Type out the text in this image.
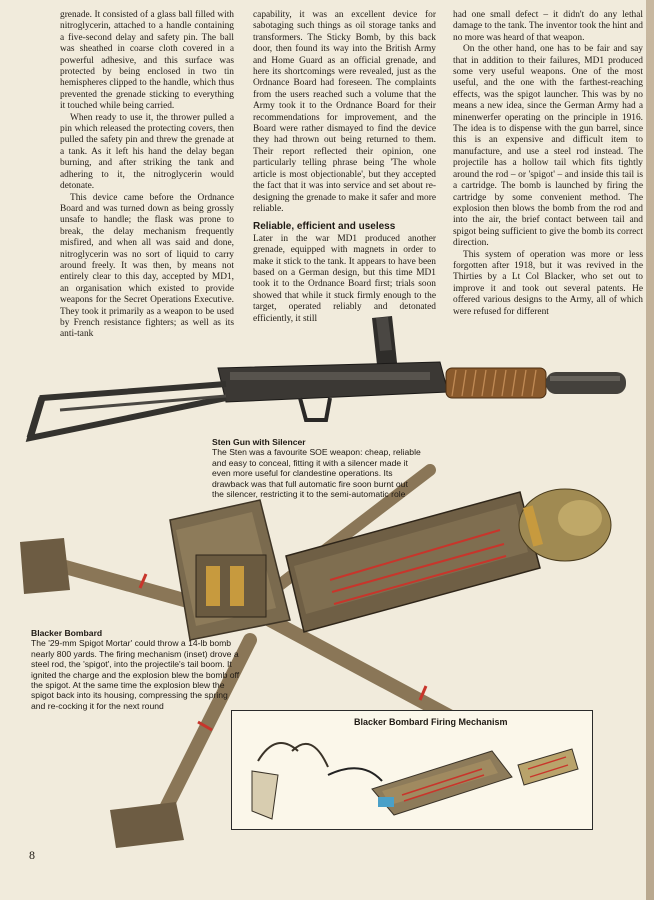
grenade. It consisted of a glass ball filled with nitroglycerin, attached to a handle containing a five-second delay and safety pin. The ball was sheathed in coarse cloth covered in a powerful adhesive, and this surface was protected by being enclosed in two tin hemispheres clipped to the handle, which thus prevented the grenade sticking to everything it touched while being carried.

When ready to use it, the thrower pulled a pin which released the protecting covers, then pulled the safety pin and threw the grenade at a tank. As it left his hand the delay began burning, and after striking the tank and adhering to it, the nitroglycerin would detonate.

This device came before the Ordnance Board and was turned down as being grossly unsafe to handle; the flask was prone to break, the delay mechanism frequently misfired, and when all was said and done, nitroglycerin was no sort of liquid to carry around freely. It was then, by means not entirely clear to this day, accepted by MD1, an organisation which existed to provide weapons for the Secret Operations Executive. They took it primarily as a weapon to be used by French resistance fighters; as well as its anti-tank

capability, it was an excellent device for sabotaging such things as oil storage tanks and transformers. The Sticky Bomb, by this back door, then found its way into the British Army and Home Guard as an official grenade, and here its shortcomings were revealed, just as the Ordnance Board had foreseen. The complaints from the users reached such a volume that the Army took it to the Ordnance Board for their recommendations for improvement, and the Board were rather dismayed to find the device they had thrown out being returned to them. Their report reflected their opinion, one particularly telling phrase being 'The whole article is most objectionable', but they accepted the fact that it was into service and set about re-designing the grenade to make it safer and more reliable.

Reliable, efficient and useless

Later in the war MD1 produced another grenade, equipped with magnets in order to make it stick to the tank. It appears to have been based on a German design, but this time MD1 took it to the Ordnance Board first; trials soon showed that while it stuck firmly enough to the target, operated reliably and detonated efficiently, it still

had one small defect – it didn't do any lethal damage to the tank. The inventor took the hint and no more was heard of that weapon.

On the other hand, one has to be fair and say that in addition to their failures, MD1 produced some very useful weapons. One of the most useful, and the one with the farthest-reaching effects, was the spigot launcher. This was by no means a new idea, since the German Army had a minenwerfer operating on the principle in 1916. The idea is to dispense with the gun barrel, since this is an expensive and difficult item to manufacture, and use a steel rod instead. The projectile has a hollow tail which fits tightly around the rod – or 'spigot' – and inside this tail is a cartridge. The bomb is launched by firing the cartridge by some convenient method. The explosion then blows the bomb from the rod and into the air, the brief contact between tail and spigot being sufficient to give the bomb its correct direction.

This system of operation was more or less forgotten after 1918, but it was revived in the Thirties by a Lt Col Blacker, who set out to improve it and took out several patents. He offered various designs to the Army, all of which were refused for different

Sten Gun with Silencer
The Sten was a favourite SOE weapon: cheap, reliable and easy to conceal, fitting it with a silencer made it even more useful for clandestine operations. Its drawback was that full automatic fire soon burnt out the silencer, restricting it to the semi-automatic role
Blacker Bombard
The '29-mm Spigot Mortar' could throw a 14-lb bomb nearly 800 yards. The firing mechanism (inset) drove a steel rod, the 'spigot', into the projectile's tail boom. It ignited the charge and the explosion blew the bomb off the spigot. At the same time the explosion blew the spigot back into its housing, compressing the spring and re-cocking it for the next round
Blacker Bombard Firing Mechanism
8
